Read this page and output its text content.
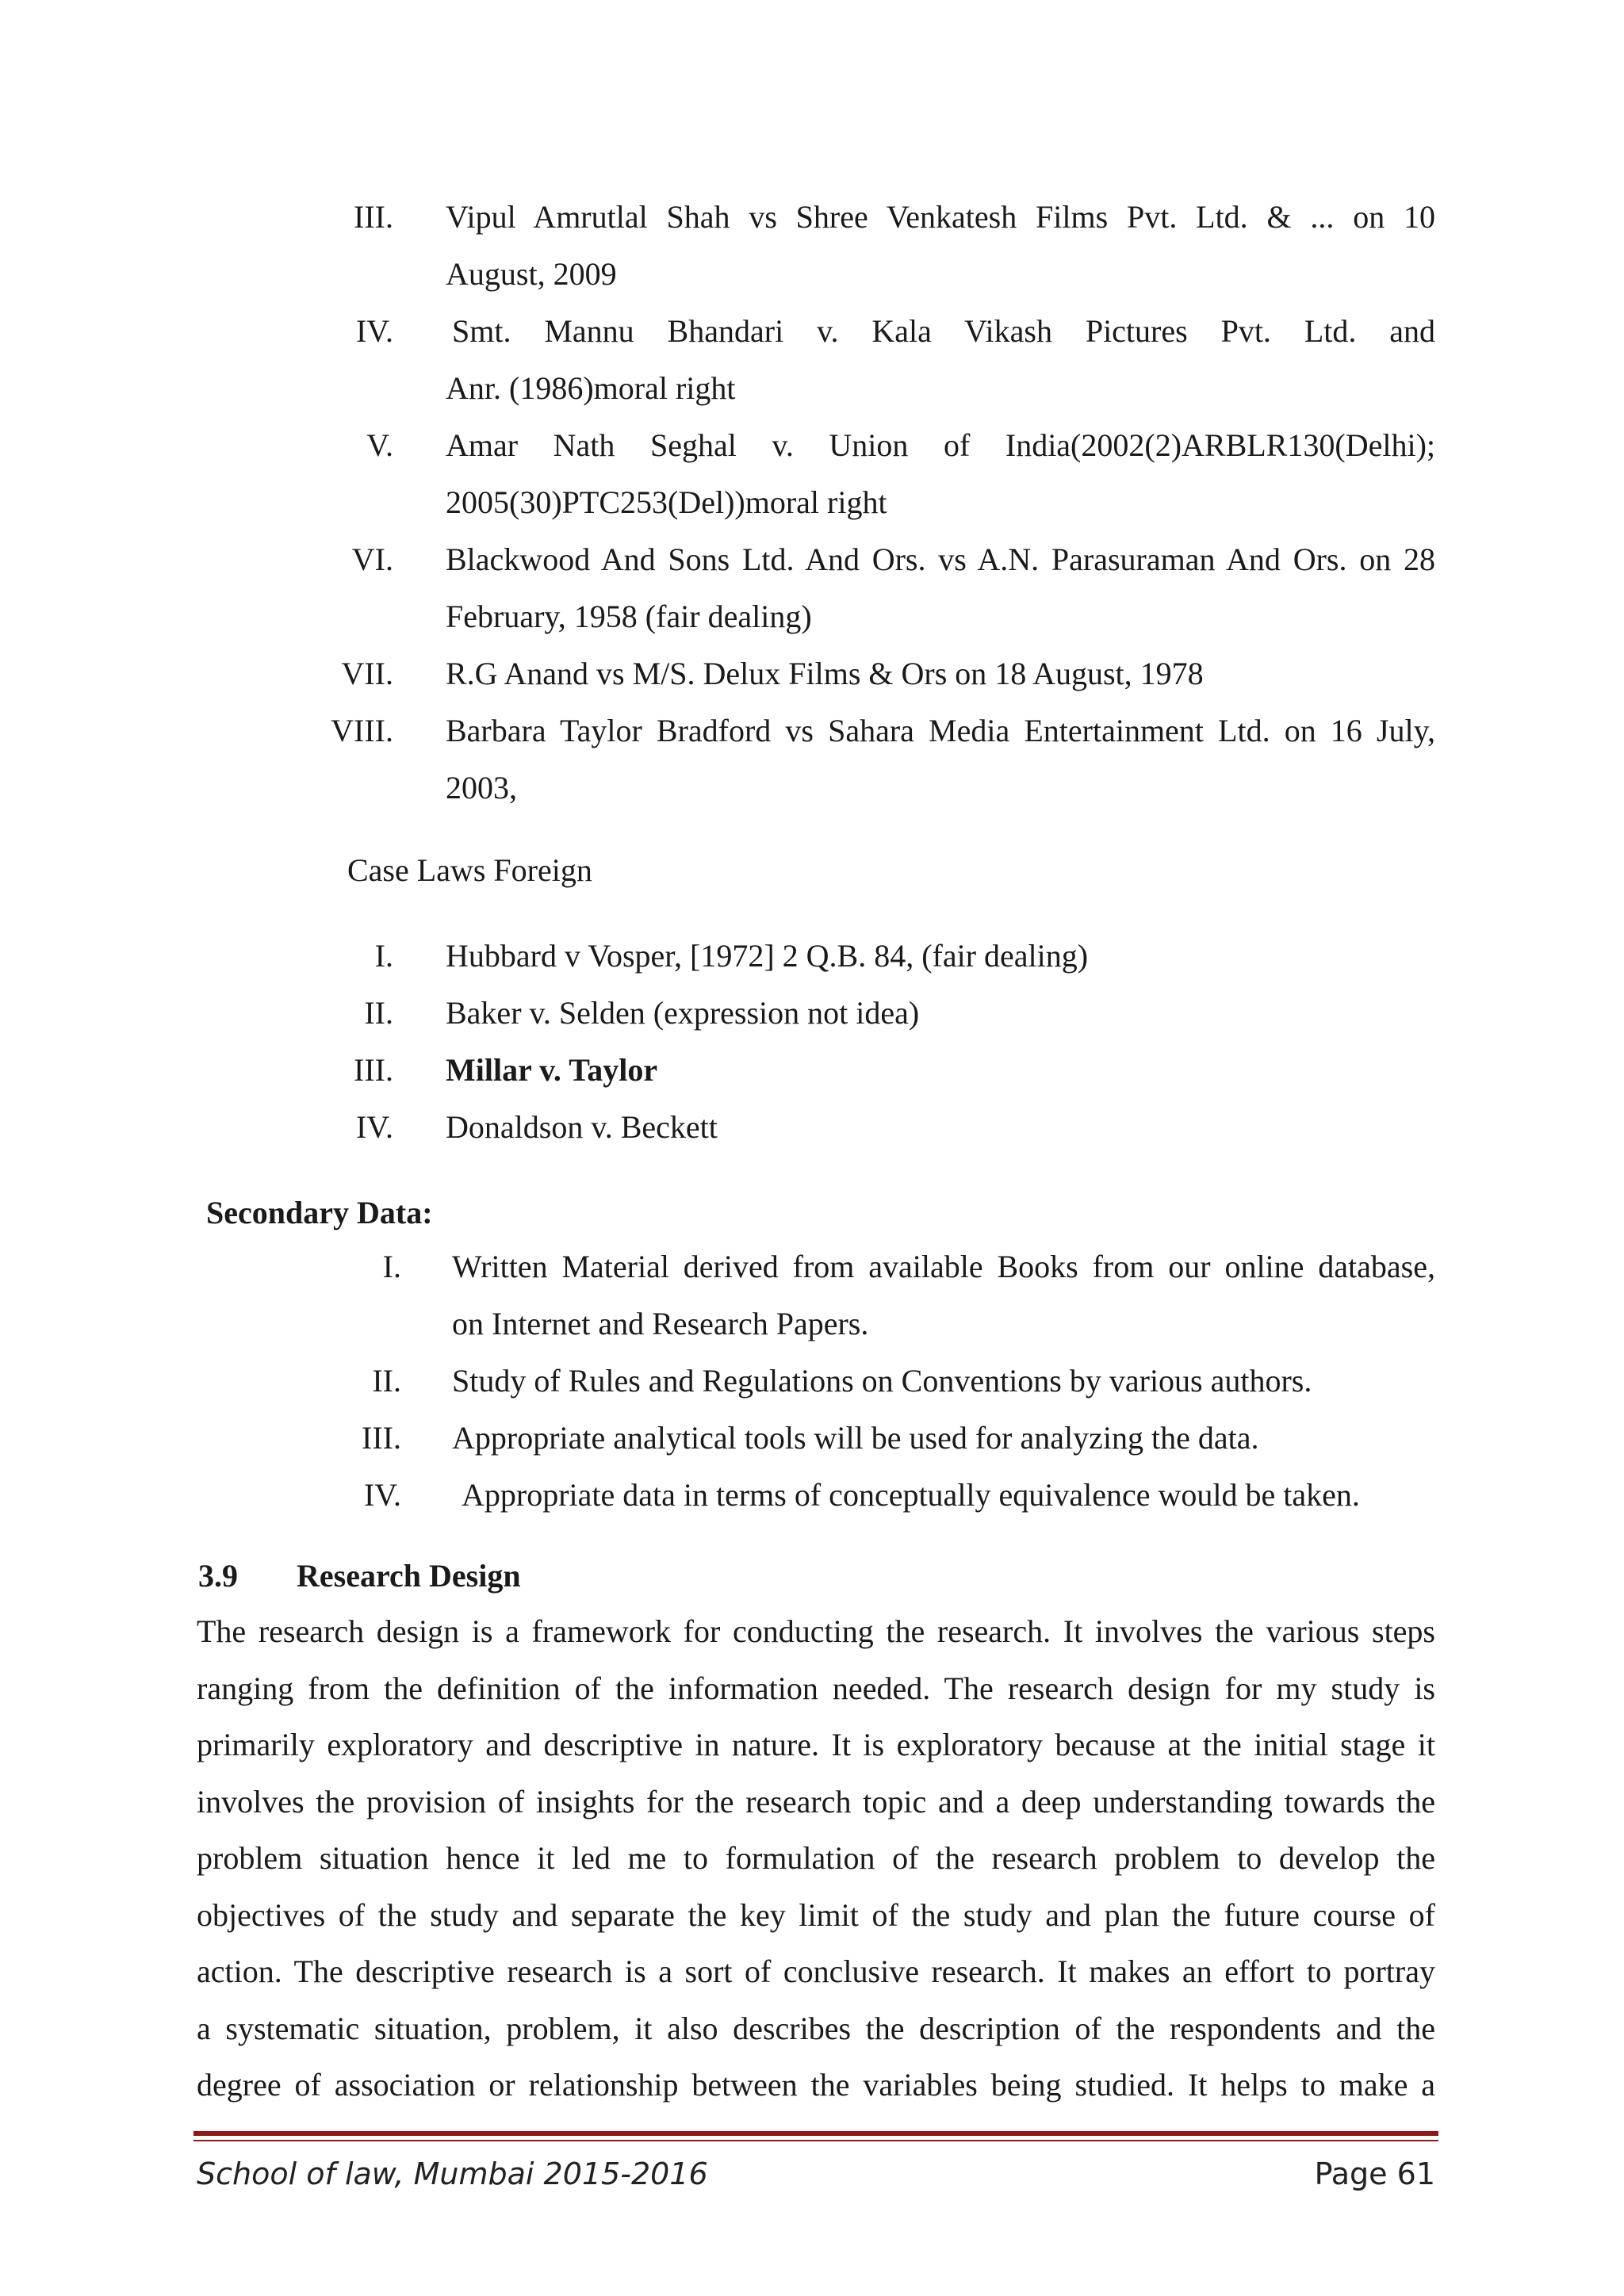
III. Vipul Amrutlal Shah vs Shree Venkatesh Films Pvt. Ltd. & ... on 10
August, 2009
IV. Smt. Mannu Bhandari v. Kala Vikash Pictures Pvt. Ltd. and
Anr. (1986)moral right
V. Amar Nath Seghal v. Union of India(2002(2)ARBLR130(Delhi);
2005(30)PTC253(Del))moral right
VI. Blackwood And Sons Ltd. And Ors. vs A.N. Parasuraman And Ors. on 28
February, 1958 (fair dealing)
VII. R.G Anand vs M/S. Delux Films & Ors on 18 August, 1978
VIII. Barbara Taylor Bradford vs Sahara Media Entertainment Ltd. on 16 July,
2003,
Case Laws Foreign
I. Hubbard v Vosper, [1972] 2 Q.B. 84, (fair dealing)
II. Baker v. Selden (expression not idea)
III. Millar v. Taylor
IV. Donaldson v. Beckett
Secondary Data:
I. Written Material derived from available Books from our online database,
on Internet and Research Papers.
II. Study of Rules and Regulations on Conventions by various authors.
III. Appropriate analytical tools will be used for analyzing the data.
IV. Appropriate data in terms of conceptually equivalence would be taken.
3.9 Research Design
The research design is a framework for conducting the research. It involves the various steps
ranging from the definition of the information needed. The research design for my study is
primarily exploratory and descriptive in nature. It is exploratory because at the initial stage it
involves the provision of insights for the research topic and a deep understanding towards the
problem situation hence it led me to formulation of the research problem to develop the
objectives of the study and separate the key limit of the study and plan the future course of
action. The descriptive research is a sort of conclusive research. It makes an effort to portray
a systematic situation, problem, it also describes the description of the respondents and the
degree of association or relationship between the variables being studied. It helps to make a
School of law, Mumbai 2015-2016	Page 61
